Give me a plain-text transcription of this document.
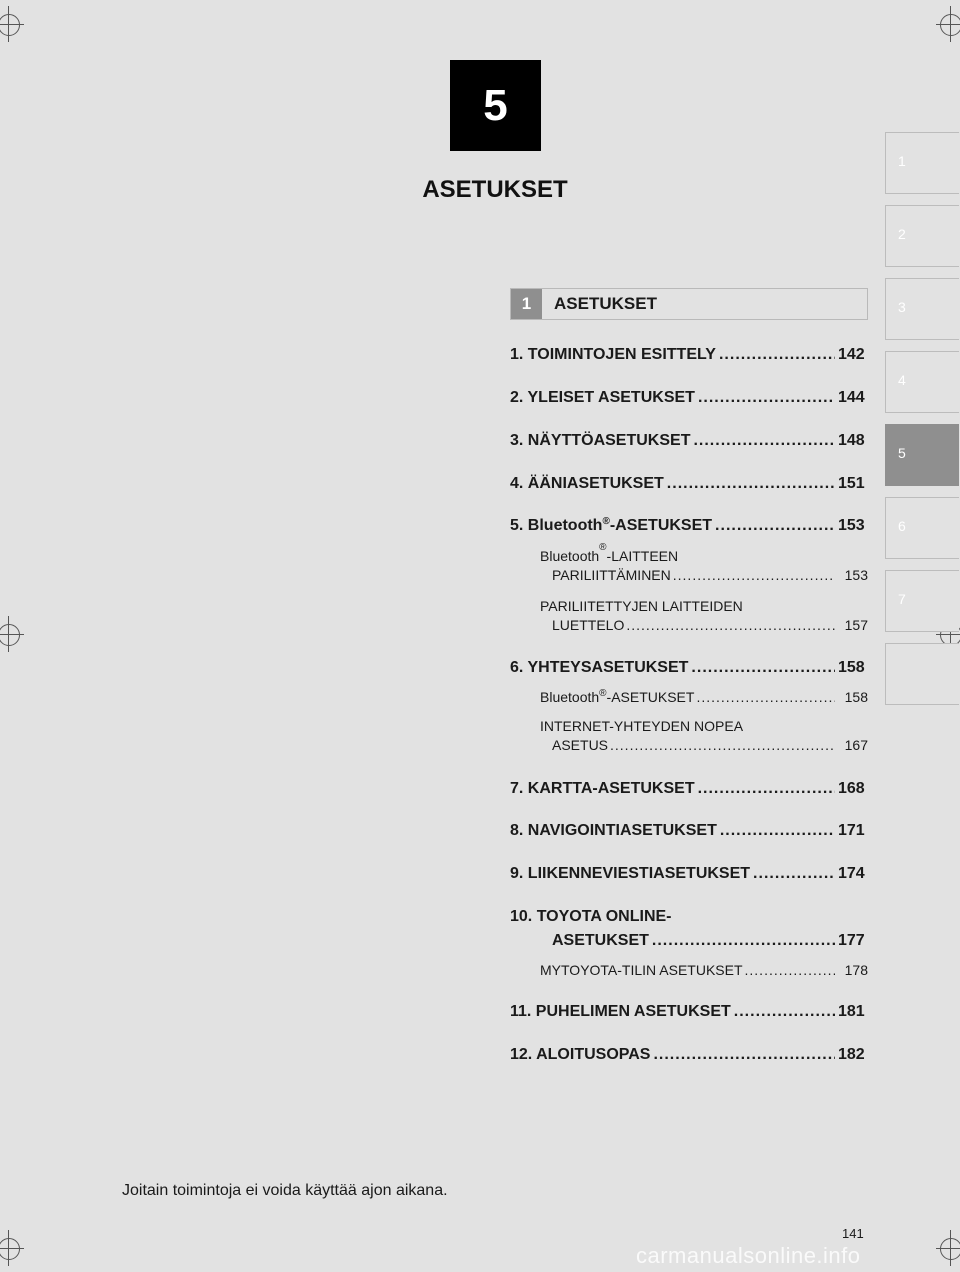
5
ASETUKSET
1
2
3
4
5
6
7
1	ASETUKSET
1. TOIMINTOJEN ESITTELY .....	142
2. YLEISET ASETUKSET .....	144
3. NÄYTTÖASETUKSET .....	148
4. ÄÄNIASETUKSET .....	151
5. Bluetooth®-ASETUKSET .....	153
Bluetooth
®
-LAITTEEN
PARILIITTÄMINEN .....	153
PARILIITETTYJEN LAITTEIDEN
LUETTELO .....	157
6. YHTEYSASETUKSET .....	158
Bluetooth®-ASETUKSET .....	158
INTERNET-YHTEYDEN NOPEA
ASETUS .....	167
7. KARTTA-ASETUKSET .....	168
8. NAVIGOINTIASETUKSET .....	171
9. LIIKENNEVIESTIASETUKSET .....	174
10. TOYOTA ONLINE-
ASETUKSET .....	177
MYTOYOTA-TILIN ASETUKSET .....	178
11. PUHELIMEN ASETUKSET .....	181
12. ALOITUSOPAS .....	182
Joitain toimintoja ei voida käyttää ajon aikana.
141
carmanualsonline.info
